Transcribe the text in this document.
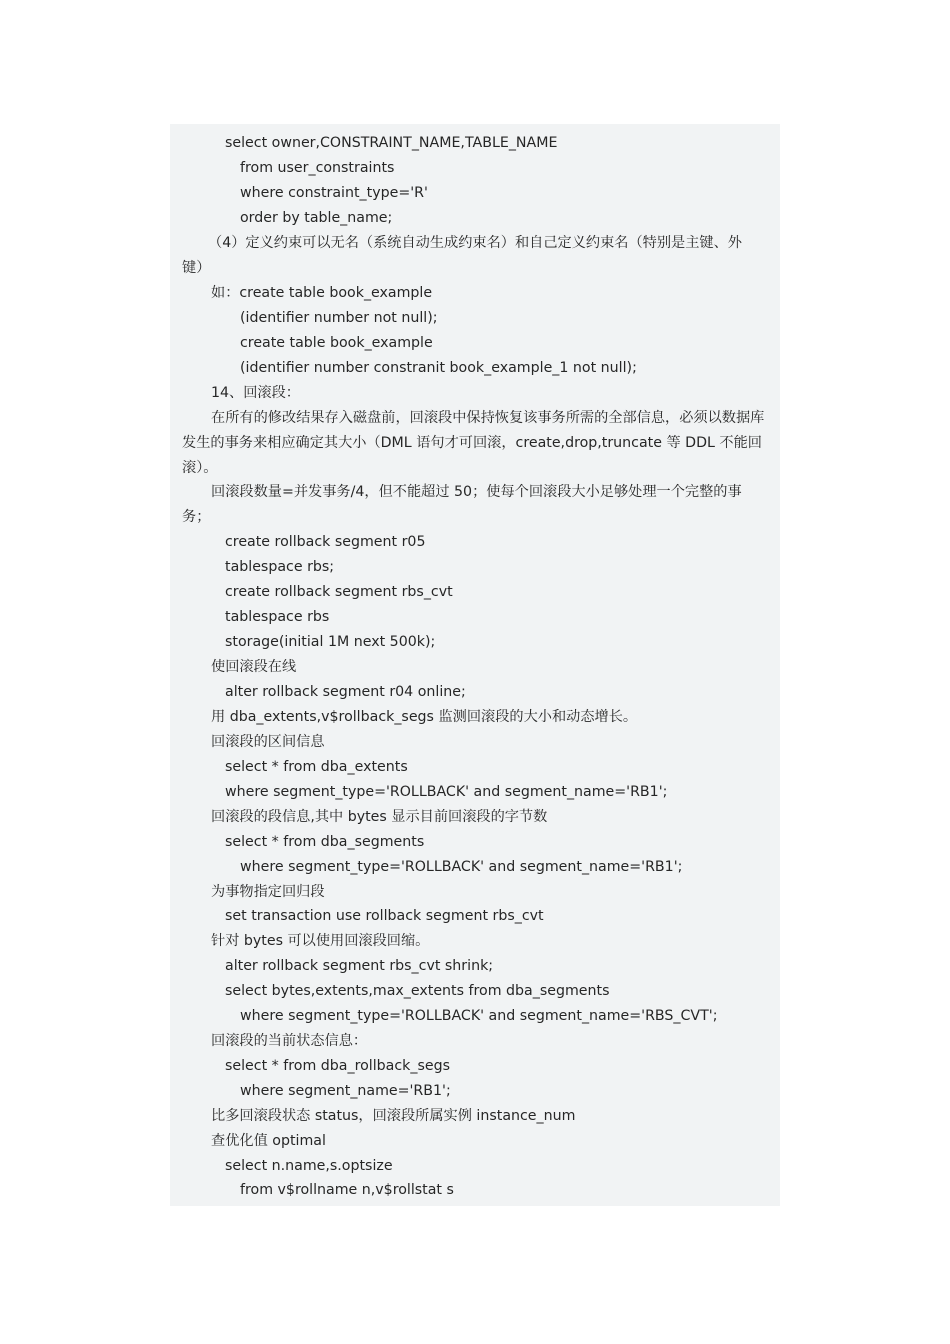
select owner,CONSTRAINT_NAME,TABLE_NAME
from user_constraints
where constraint_type='R'
order by table_name;
（4）定义约束可以无名（系统自动生成约束名）和自己定义约束名（特别是主键、外
键）
如：create table book_example
(identifier number not null);
create table book_example
(identifier number constranit book_example_1 not null);
14、回滚段：
在所有的修改结果存入磁盘前，回滚段中保持恢复该事务所需的全部信息，必须以数据库
发生的事务来相应确定其大小（DML 语句才可回滚，create,drop,truncate 等 DDL 不能回
滚）。
回滚段数量=并发事务/4，但不能超过 50；使每个回滚段大小足够处理一个完整的事
务；
create rollback segment r05
tablespace rbs;
create rollback segment rbs_cvt
tablespace rbs
storage(initial 1M next 500k);
使回滚段在线
alter rollback segment r04 online;
用 dba_extents,v$rollback_segs 监测回滚段的大小和动态增长。
回滚段的区间信息
select * from dba_extents
where segment_type='ROLLBACK' and segment_name='RB1';
回滚段的段信息,其中 bytes 显示目前回滚段的字节数
select * from dba_segments
where segment_type='ROLLBACK' and segment_name='RB1';
为事物指定回归段
set transaction use rollback segment rbs_cvt
针对 bytes 可以使用回滚段回缩。
alter rollback segment rbs_cvt shrink;
select bytes,extents,max_extents from dba_segments
where segment_type='ROLLBACK' and segment_name='RBS_CVT';
回滚段的当前状态信息：
select * from dba_rollback_segs
where segment_name='RB1';
比多回滚段状态 status，回滚段所属实例 instance_num
查优化值 optimal
select n.name,s.optsize
from v$rollname n,v$rollstat s
